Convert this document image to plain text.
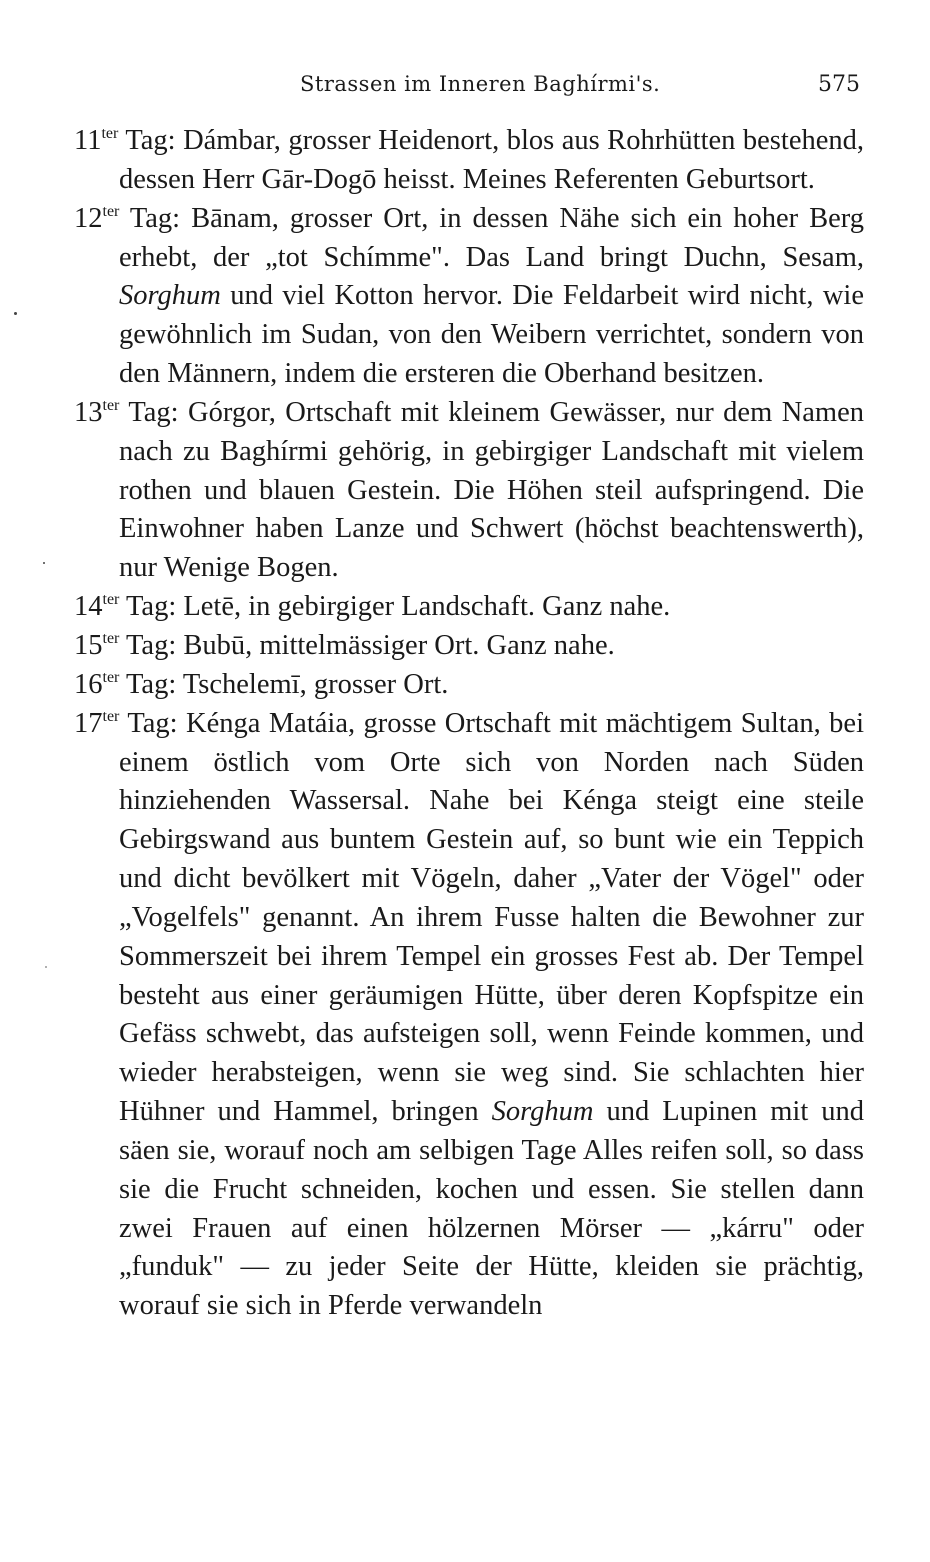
Strassen im Inneren Baghírmi's.	575

$11^{ter}$ Tag: Dámbar, grosser Heidenort, blos aus Rohrhütten bestehend, dessen Herr Gār-Dogō heisst. Meines Referenten Geburtsort.

$12^{ter}$ Tag: Bānam, grosser Ort, in dessen Nähe sich ein hoher Berg erhebt, der „tot Schímme". Das Land bringt Duchn, Sesam, Sorghum und viel Kotton hervor. Die Feldarbeit wird nicht, wie gewöhnlich im Sudan, von den Weibern verrichtet, sondern von den Männern, indem die ersteren die Oberhand besitzen.

$13^{ter}$ Tag: Górgor, Ortschaft mit kleinem Gewässer, nur dem Namen nach zu Baghírmi gehörig, in gebirgiger Landschaft mit vielem rothen und blauen Gestein. Die Höhen steil aufspringend. Die Einwohner haben Lanze und Schwert (höchst beachtenswerth), nur Wenige Bogen.

$14^{ter}$ Tag: Letē, in gebirgiger Landschaft. Ganz nahe.

$15^{ter}$ Tag: Bubū, mittelmässiger Ort. Ganz nahe.

$16^{ter}$ Tag: Tschelemī, grosser Ort.

$17^{ter}$ Tag: Kénga Matáia, grosse Ortschaft mit mächtigem Sultan, bei einem östlich vom Orte sich von Norden nach Süden hinziehenden Wassersal. Nahe bei Kénga steigt eine steile Gebirgswand aus buntem Gestein auf, so bunt wie ein Teppich und dicht bevölkert mit Vögeln, daher „Vater der Vögel" oder „Vogelfels" genannt. An ihrem Fusse halten die Bewohner zur Sommerszeit bei ihrem Tempel ein grosses Fest ab. Der Tempel besteht aus einer geräumigen Hütte, über deren Kopfspitze ein Gefäss schwebt, das aufsteigen soll, wenn Feinde kommen, und wieder herabsteigen, wenn sie weg sind. Sie schlachten hier Hühner und Hammel, bringen Sorghum und Lupinen mit und säen sie, worauf noch am selbigen Tage Alles reifen soll, so dass sie die Frucht schneiden, kochen und essen. Sie stellen dann zwei Frauen auf einen hölzernen Mörser — „kárru" oder „funduk" — zu jeder Seite der Hütte, kleiden sie prächtig, worauf sie sich in Pferde verwandeln
